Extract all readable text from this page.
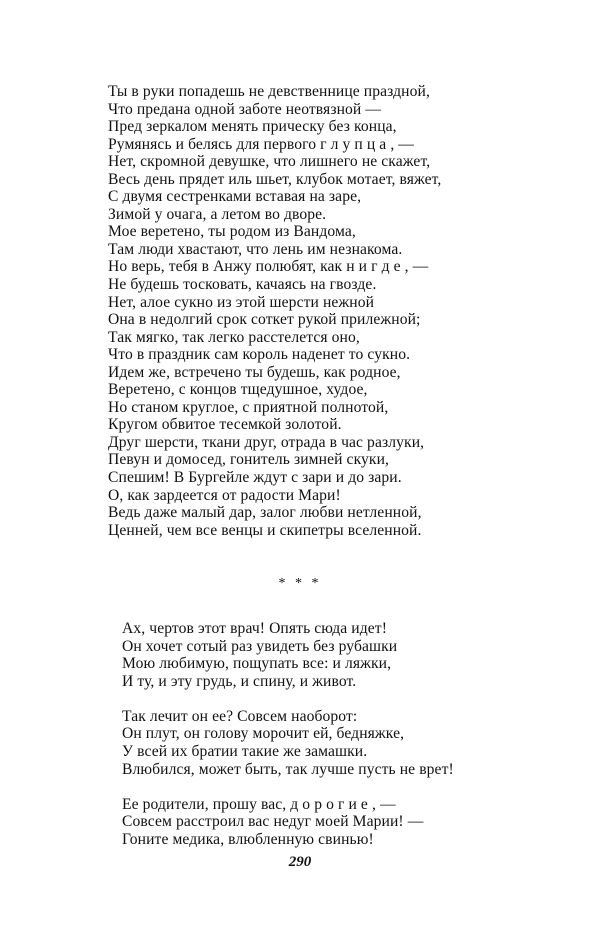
Ты в руки попадешь не девственнице праздной,
Что предана одной заботе неотвязной —
Пред зеркалом менять прическу без конца,
Румянясь и белясь для первого г л у п ц а , —
Нет, скромной девушке, что лишнего не скажет,
Весь день прядет иль шьет, клубок мотает, вяжет,
С двумя сестренками вставая на заре,
Зимой у очага, а летом во дворе.
Мое веретено, ты родом из Вандома,
Там люди хвастают, что лень им незнакома.
Но верь, тебя в Анжу полюбят, как н и г д е , —
Не будешь тосковать, качаясь на гвозде.
Нет, алое сукно из этой шерсти нежной
Она в недолгий срок соткет рукой прилежной;
Так мягко, так легко расстелется оно,
Что в праздник сам король наденет то сукно.
Идем же, встречено ты будешь, как родное,
Веретено, с концов тщедушное, худое,
Но станом круглое, с приятной полнотой,
Кругом обвитое тесемкой золотой.
Друг шерсти, ткани друг, отрада в час разлуки,
Певун и домосед, гонитель зимней скуки,
Спешим! В Бургейле ждут с зари и до зари.
О, как зардеется от радости Мари!
Ведь даже малый дар, залог любви нетленной,
Ценней, чем все венцы и скипетры вселенной.
* * *
Ах, чертов этот врач! Опять сюда идет!
Он хочет сотый раз увидеть без рубашки
Мою любимую, пощупать все: и ляжки,
И ту, и эту грудь, и спину, и живот.
Так лечит он ее? Совсем наоборот:
Он плут, он голову морочит ей, бедняжке,
У всей их братии такие же замашки.
Влюбился, может быть, так лучше пусть не врет!
Ее родители, прошу вас, д о р о г и е , —
Совсем расстроил вас недуг моей Марии! —
Гоните медика, влюбленную свинью!
290
